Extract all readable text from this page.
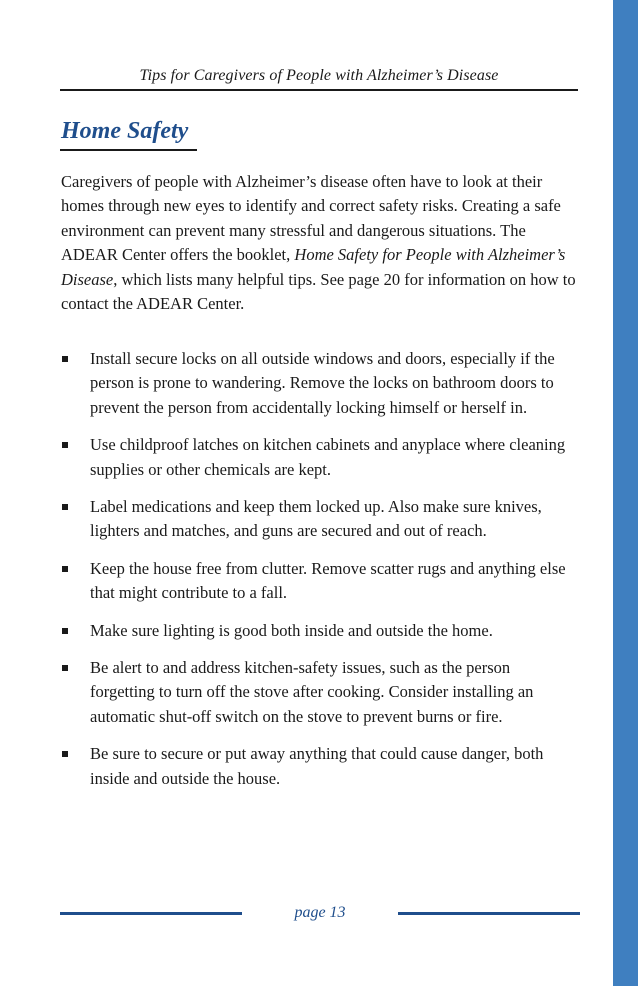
Tips for Caregivers of People with Alzheimer’s Disease
Home Safety

Caregivers of people with Alzheimer’s disease often have to look at their homes through new eyes to identify and correct safety risks. Creating a safe environment can prevent many stressful and dangerous situations. The ADEAR Center offers the booklet, Home Safety for People with Alzheimer’s Disease, which lists many helpful tips. See page 20 for information on how to contact the ADEAR Center.

Install secure locks on all outside windows and doors, especially if the person is prone to wandering. Remove the locks on bathroom doors to prevent the person from accidentally locking himself or herself in.
Use childproof latches on kitchen cabinets and anyplace where cleaning supplies or other chemicals are kept.
Label medications and keep them locked up. Also make sure knives, lighters and matches, and guns are secured and out of reach.
Keep the house free from clutter. Remove scatter rugs and anything else that might contribute to a fall.
Make sure lighting is good both inside and outside the home.
Be alert to and address kitchen-safety issues, such as the person forgetting to turn off the stove after cooking. Consider installing an automatic shut-off switch on the stove to prevent burns or fire.
Be sure to secure or put away anything that could cause danger, both inside and outside the house.
page 13
